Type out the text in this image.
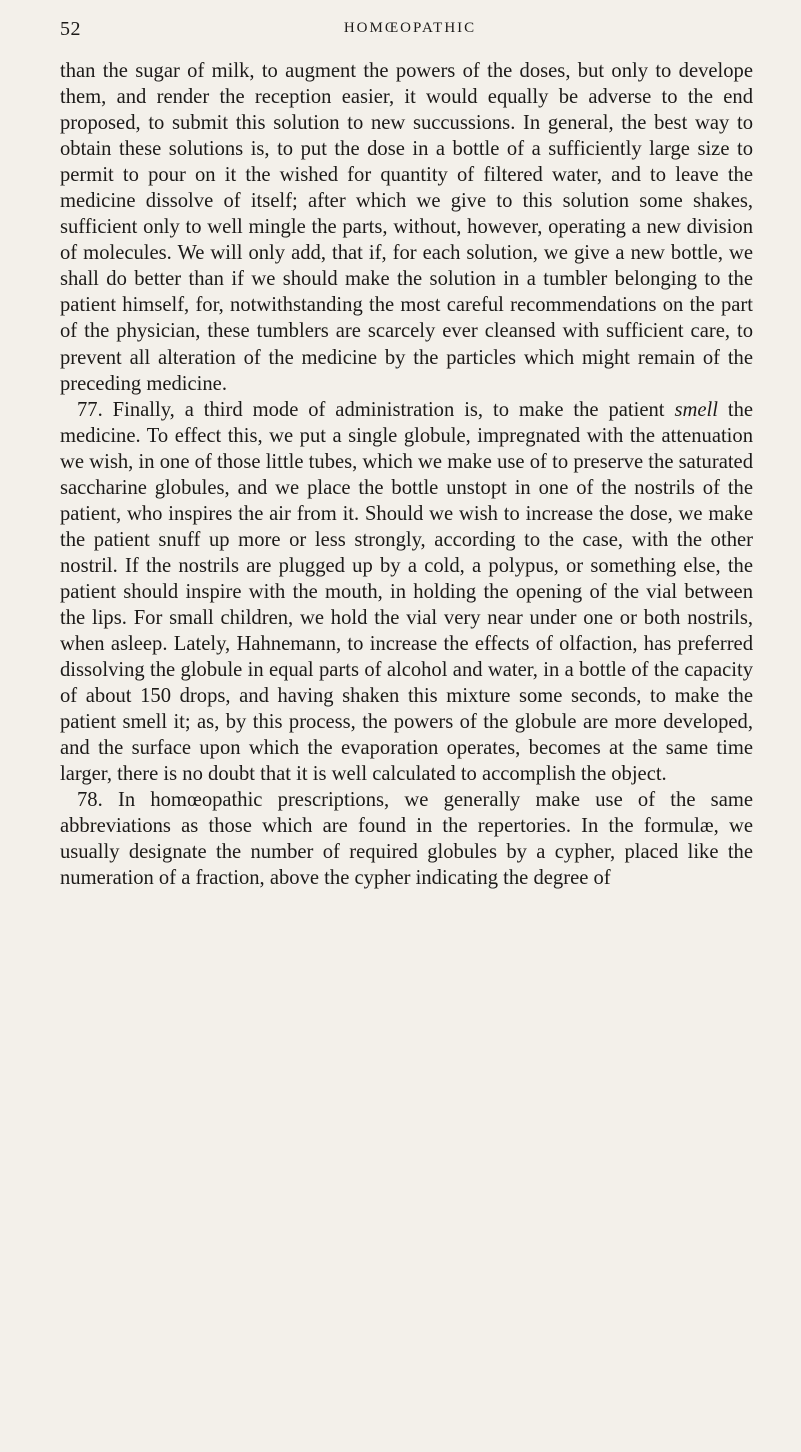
52	HOMŒOPATHIC

than the sugar of milk, to augment the powers of the doses, but only to develope them, and render the reception easier, it would equally be adverse to the end proposed, to submit this solution to new succussions. In general, the best way to obtain these solutions is, to put the dose in a bottle of a sufficiently large size to permit to pour on it the wished for quantity of filtered water, and to leave the medicine dissolve of itself; after which we give to this solution some shakes, sufficient only to well mingle the parts, without, however, operating a new division of molecules. We will only add, that if, for each solution, we give a new bottle, we shall do better than if we should make the solution in a tumbler belonging to the patient himself, for, notwithstanding the most careful recommendations on the part of the physician, these tumblers are scarcely ever cleansed with sufficient care, to prevent all alteration of the medicine by the particles which might remain of the preceding medicine.

77. Finally, a third mode of administration is, to make the patient smell the medicine. To effect this, we put a single globule, impregnated with the attenuation we wish, in one of those little tubes, which we make use of to preserve the saturated saccharine globules, and we place the bottle unstopt in one of the nostrils of the patient, who inspires the air from it. Should we wish to increase the dose, we make the patient snuff up more or less strongly, according to the case, with the other nostril. If the nostrils are plugged up by a cold, a polypus, or something else, the patient should inspire with the mouth, in holding the opening of the vial between the lips. For small children, we hold the vial very near under one or both nostrils, when asleep. Lately, Hahnemann, to increase the effects of olfaction, has preferred dissolving the globule in equal parts of alcohol and water, in a bottle of the capacity of about 150 drops, and having shaken this mixture some seconds, to make the patient smell it; as, by this process, the powers of the globule are more developed, and the surface upon which the evaporation operates, becomes at the same time larger, there is no doubt that it is well calculated to accomplish the object.

78. In homœopathic prescriptions, we generally make use of the same abbreviations as those which are found in the repertories. In the formulæ, we usually designate the number of required globules by a cypher, placed like the numeration of a fraction, above the cypher indicating the degree of
